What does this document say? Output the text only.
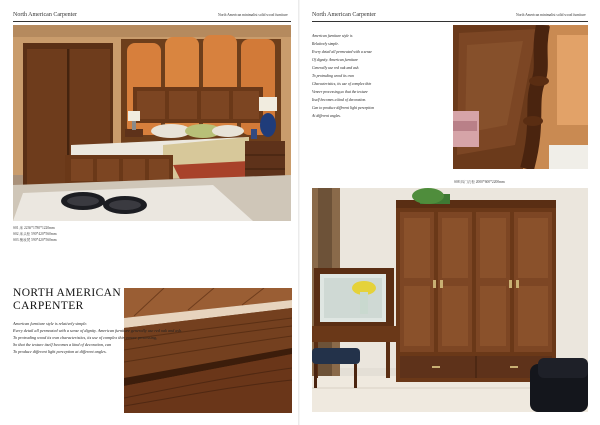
North American Carpenter	North American minimalist solid wood furniture
S01 床 2236*1780*1220mm
S02 床头柜 590*420*560mm
S03 梳妆凳 590*420*560mm
NORTH AMERICAN
CARPENTER
American furniture style is relatively simple.
Every detail all permeated with a sense of dignity. American furniture generally use red oak and ash.
To protruding wood its own characteristics, its use of complex thin veneer processing,
So that the texture itself becomes a kind of decoration, can
To produce different light perception at different angles.
North American Carpenter	North American minimalist solid wood furniture
American furniture style is
Relatively simple.
Every detail all permeated with a sense
Of dignity. American furniture
Generally use red oak and ash.
To protruding wood its own
Characteristics, its use of complex thin
Veneer processing,so that the texture
Itself becomes a kind of decoration.
Can to produce different light perception
At different angles.
S08 四门衣柜 2000*600*2200mm
